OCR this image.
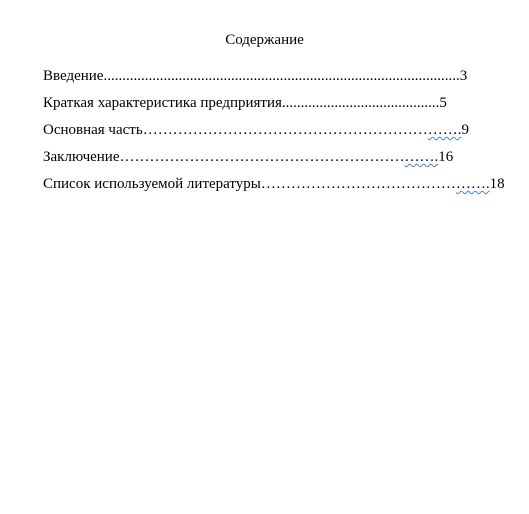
Содержание
Введение...............................................................................................3
Краткая характеристика предприятия..........................................5
Основная часть……………………………………………………….9
Заключение……………………………………………………….16
Список используемой литературы……………………………………….18
